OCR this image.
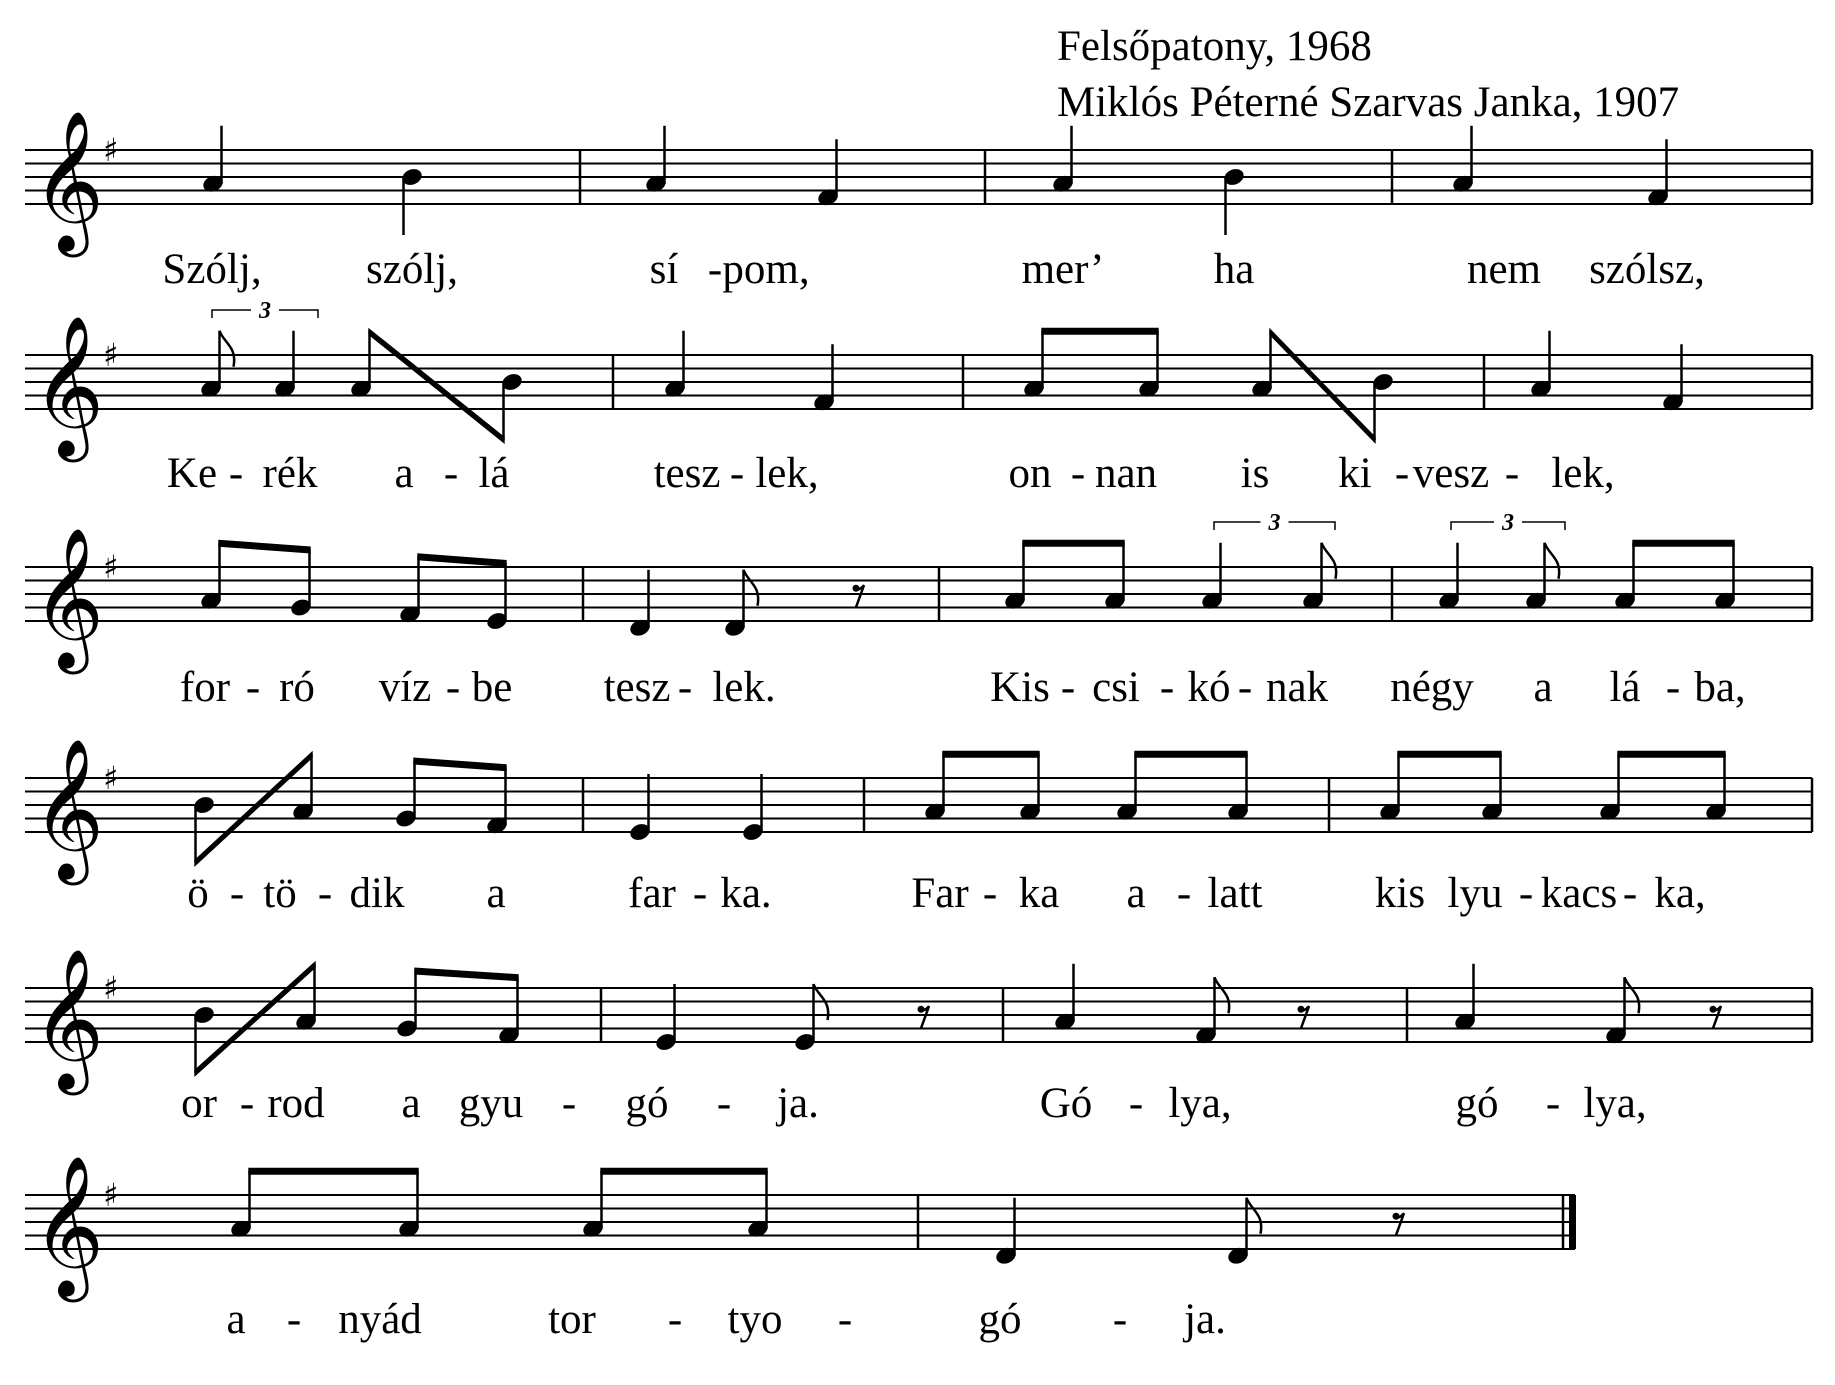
Felsőpatony, 1968
Miklós Péterné Szarvas Janka, 1907
𝄞
♯
Szólj, szólj,	sí - pom,	mer’	ha	nem szólsz,
𝄞
♯
3
Ke - rék a - lá	tesz - lek,	on - nan is ki - vesz - lek,
𝄞
♯
3	3
for - ró víz - be tesz - lek.	Kis - csi - kó - nak négy a lá - ba,
𝄞
♯
ö - tö - dik a	far - ka.	Far - ka a - latt	kis lyu - kacs - ka,
𝄞
♯
or - rod a gyu - gó - ja.	Gó - lya,	gó - lya,
𝄞
♯
a - nyád	tor - tyo -	gó - ja.
